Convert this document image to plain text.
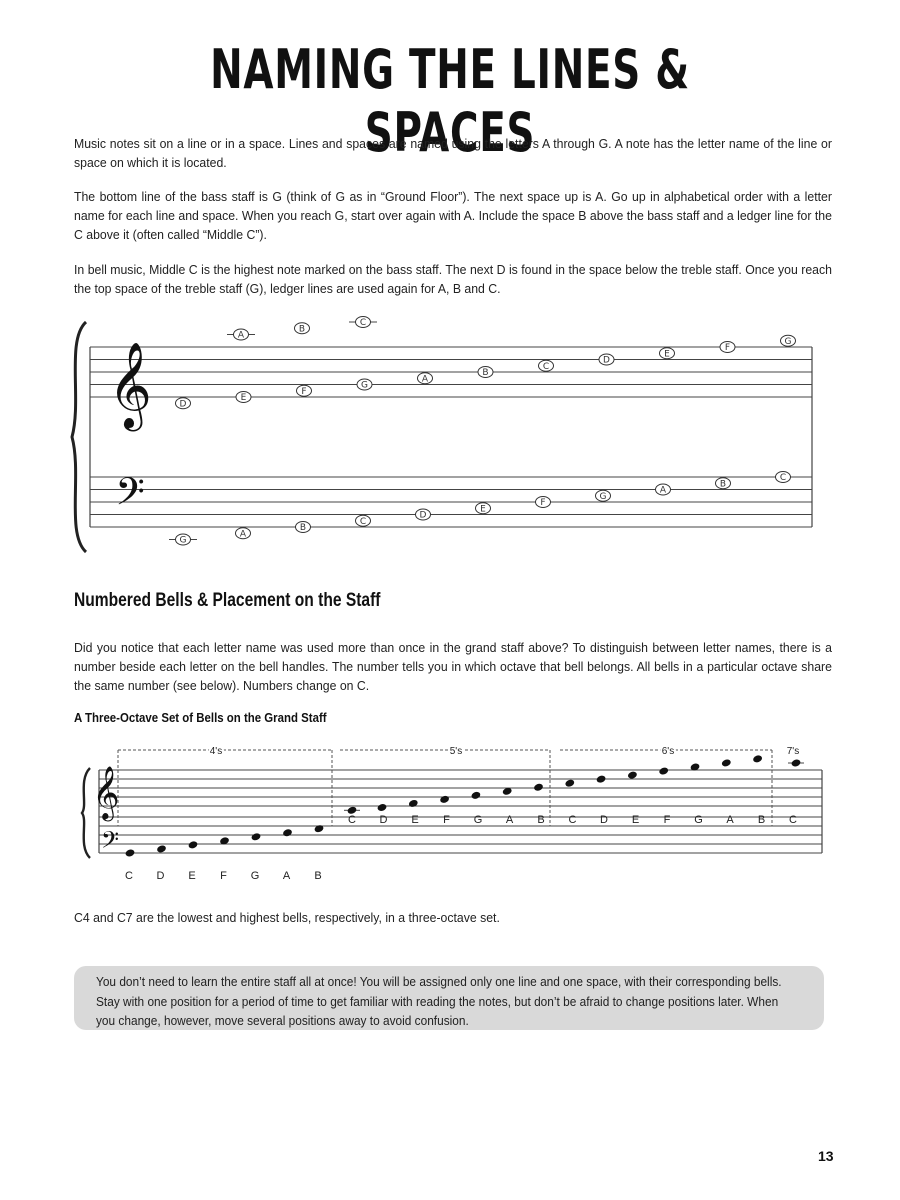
NAMING THE LINES & SPACES

Music notes sit on a line or in a space. Lines and spaces are named using the letters A through G. A note has the letter name of the line or space on which it is located.

The bottom line of the bass staff is G (think of G as in “Ground Floor”). The next space up is A. Go up in alphabetical order with a letter name for each line and space. When you reach G, start over again with A. Include the space B above the bass staff and a ledger line for the C above it (often called “Middle C”).

In bell music, Middle C is the highest note marked on the bass staff. The next D is found in the space below the treble staff. Once you reach the top space of the treble staff (G), ledger lines are used again for A, B and C.

𝄞
𝄢
D
E
F
G
A
B
C
D
E
F
G
A
B
C
G
A
B
C
D
E
F
G
A
B
C
Numbered Bells & Placement on the Staff

Did you notice that each letter name was used more than once in the grand staff above? To distinguish between letter names, there is a number beside each letter on the bell handles. The number tells you in which octave that bell belongs. All bells in a particular octave share the same number (see below). Numbers change on C.

A Three-Octave Set of Bells on the Grand Staff
𝄞
𝄢
4's	5's	6's	7's
C D E F G A B
C D E F G A B C D E F G A B C

C4 and C7 are the lowest and highest bells, respectively, in a three-octave set.

You don’t need to learn the entire staff all at once! You will be assigned only one line and one space, with their corresponding bells. Stay with one position for a period of time to get familiar with reading the notes, but don’t be afraid to change positions later. When you change, however, move several positions away to avoid confusion.

13
